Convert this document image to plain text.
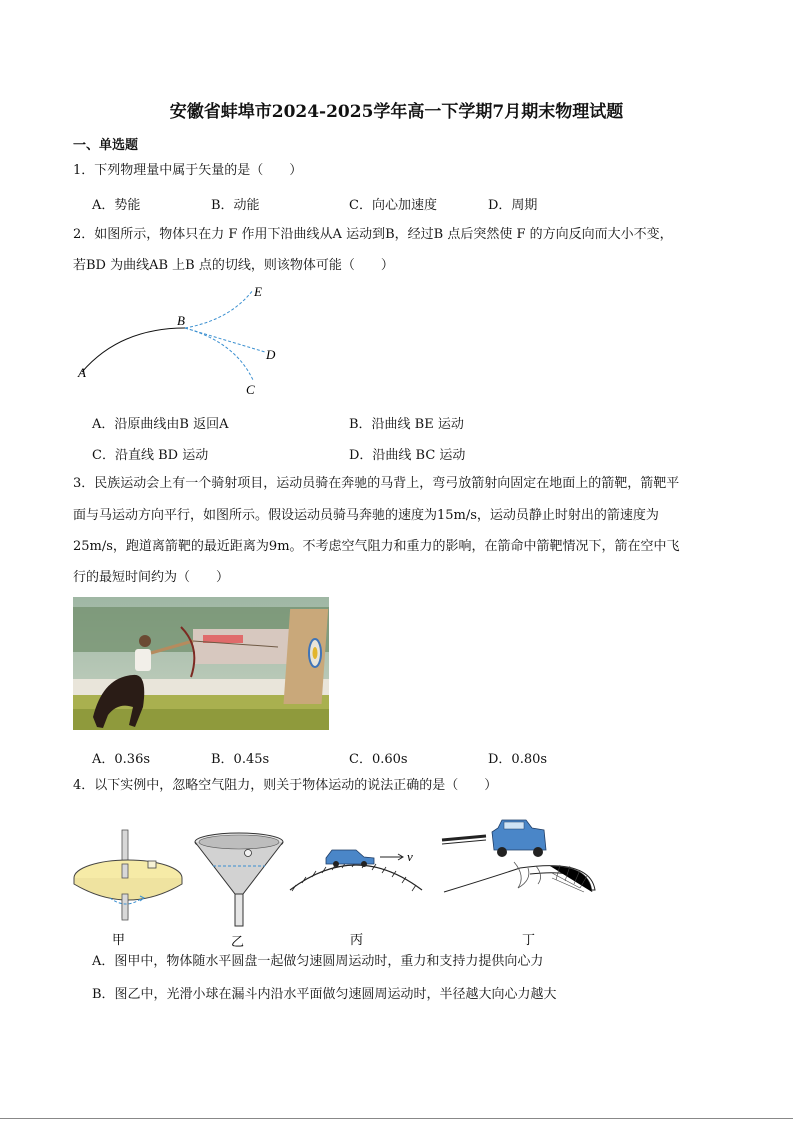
安徽省蚌埠市2024-2025学年高一下学期7月期末物理试题
一、单选题
1．下列物理量中属于矢量的是（　　）
A．势能	B．动能	C．向心加速度	D．周期
2．如图所示，物体只在力 F 作用下沿曲线从A 运动到B，经过B 点后突然使 F 的方向反向而大小不变，
若BD 为曲线AB 上B 点的切线，则该物体可能（　　）
A
B
E
D
C
A．沿原曲线由B 返回A	B．沿曲线 BE 运动
C．沿直线 BD 运动	D．沿曲线 BC 运动
3．民族运动会上有一个骑射项目，运动员骑在奔驰的马背上，弯弓放箭射向固定在地面上的箭靶，箭靶平
面与马运动方向平行，如图所示。假设运动员骑马奔驰的速度为15m/s，运动员静止时射出的箭速度为
25m/s，跑道离箭靶的最近距离为9m。不考虑空气阻力和重力的影响，在箭命中箭靶情况下，箭在空中飞
行的最短时间约为（　　）
A．0.36s	B．0.45s	C．0.60s	D．0.80s
4．以下实例中，忽略空气阻力，则关于物体运动的说法正确的是（　　）
甲	乙
v
丙	丁
A．图甲中，物体随水平圆盘一起做匀速圆周运动时，重力和支持力提供向心力
B．图乙中，光滑小球在漏斗内沿水平面做匀速圆周运动时，半径越大向心力越大
